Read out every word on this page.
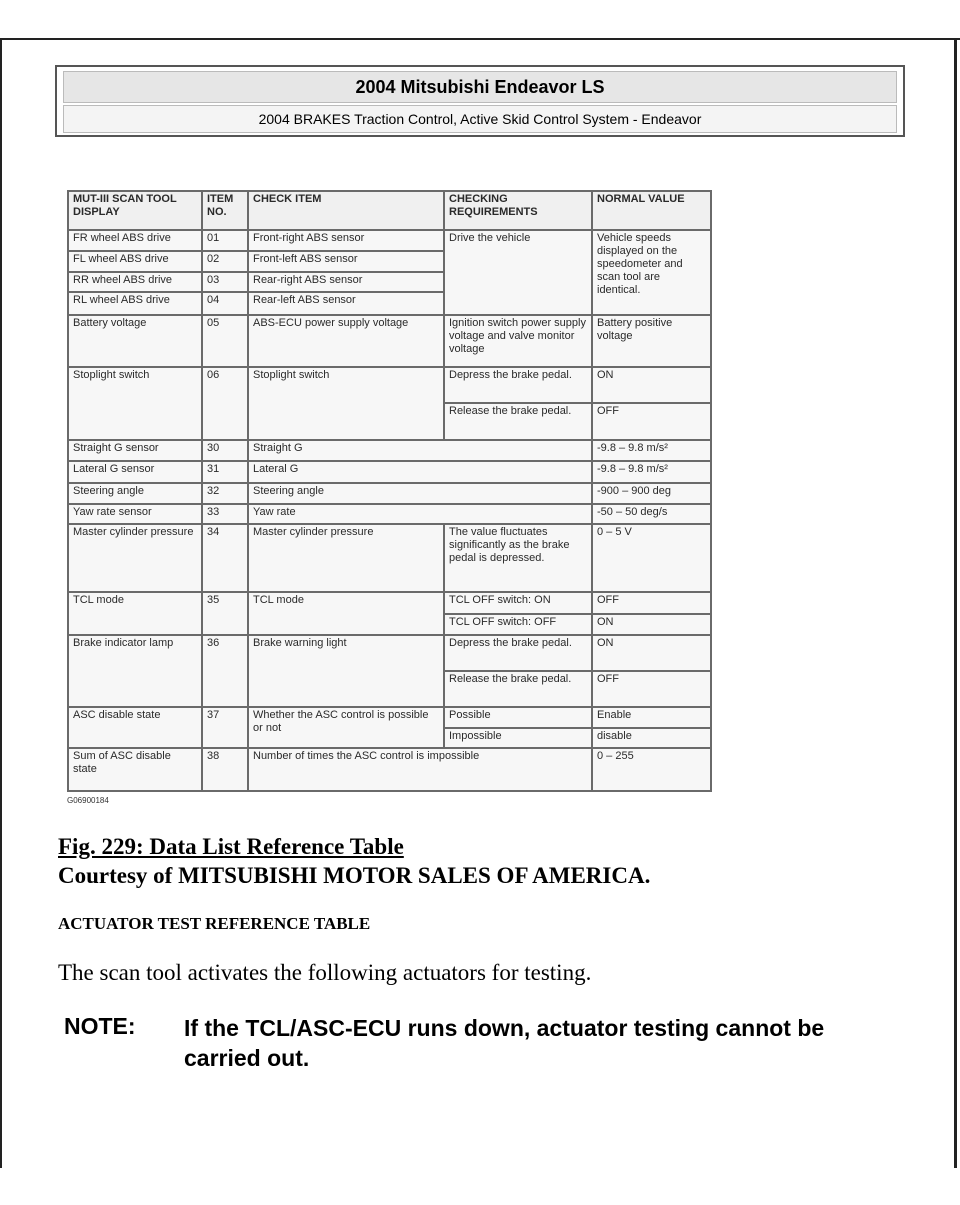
2004 Mitsubishi Endeavor LS
2004 BRAKES Traction Control, Active Skid Control System - Endeavor
MUT-III SCAN TOOL DISPLAY	ITEM NO.	CHECK ITEM	CHECKING REQUIREMENTS	NORMAL VALUE
FR wheel ABS drive	01	Front-right ABS sensor	Drive the vehicle	Vehicle speeds displayed on the speedometer and scan tool are identical.
FL wheel ABS drive	02	Front-left ABS sensor		
RR wheel ABS drive	03	Rear-right ABS sensor		
RL wheel ABS drive	04	Rear-left ABS sensor		
Battery voltage	05	ABS-ECU power supply voltage	Ignition switch power supply voltage and valve monitor voltage	Battery positive voltage
Stoplight switch	06	Stoplight switch	Depress the brake pedal.	ON
			Release the brake pedal.	OFF
Straight G sensor	30	Straight G		-9.8 – 9.8 m/s²
Lateral G sensor	31	Lateral G		-9.8 – 9.8 m/s²
Steering angle	32	Steering angle		-900 – 900 deg
Yaw rate sensor	33	Yaw rate		-50 – 50 deg/s
Master cylinder pressure	34	Master cylinder pressure	The value fluctuates significantly as the brake pedal is depressed.	0 – 5 V
TCL mode	35	TCL mode	TCL OFF switch: ON	OFF
			TCL OFF switch: OFF	ON
Brake indicator lamp	36	Brake warning light	Depress the brake pedal.	ON
			Release the brake pedal.	OFF
ASC disable state	37	Whether the ASC control is possible or not	Possible	Enable
			Impossible	disable
Sum of ASC disable state	38	Number of times the ASC control is impossible		0 – 255
G06900184
Fig. 229: Data List Reference Table
Courtesy of MITSUBISHI MOTOR SALES OF AMERICA.
ACTUATOR TEST REFERENCE TABLE
The scan tool activates the following actuators for testing.
NOTE: If the TCL/ASC-ECU runs down, actuator testing cannot be carried out.
